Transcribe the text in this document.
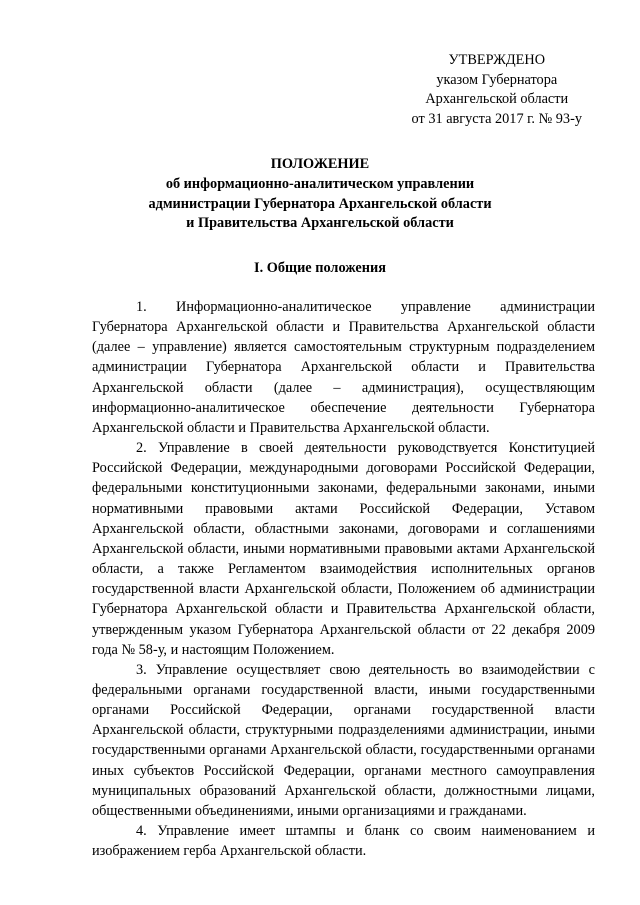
УТВЕРЖДЕНО
указом Губернатора
Архангельской области
от 31 августа 2017 г. № 93-у
ПОЛОЖЕНИЕ
об информационно-аналитическом управлении
администрации Губернатора Архангельской области
и Правительства Архангельской области
I. Общие положения

1. Информационно-аналитическое управление администрации Губернатора Архангельской области и Правительства Архангельской области (далее – управление) является самостоятельным структурным подразделением администрации Губернатора Архангельской области и Правительства Архангельской области (далее – администрация), осуществляющим информационно-аналитическое обеспечение деятельности Губернатора Архангельской области и Правительства Архангельской области.

2. Управление в своей деятельности руководствуется Конституцией Российской Федерации, международными договорами Российской Федерации, федеральными конституционными законами, федеральными законами, иными нормативными правовыми актами Российской Федерации, Уставом Архангельской области, областными законами, договорами и соглашениями Архангельской области, иными нормативными правовыми актами Архангельской области, а также Регламентом взаимодействия исполнительных органов государственной власти Архангельской области, Положением об администрации Губернатора Архангельской области и Правительства Архангельской области, утвержденным указом Губернатора Архангельской области от 22 декабря 2009 года № 58-у, и настоящим Положением.

3. Управление осуществляет свою деятельность во взаимодействии с федеральными органами государственной власти, иными государственными органами Российской Федерации, органами государственной власти Архангельской области, структурными подразделениями администрации, иными государственными органами Архангельской области, государственными органами иных субъектов Российской Федерации, органами местного самоуправления муниципальных образований Архангельской области, должностными лицами, общественными объединениями, иными организациями и гражданами.

4. Управление имеет штампы и бланк со своим наименованием и изображением герба Архангельской области.
